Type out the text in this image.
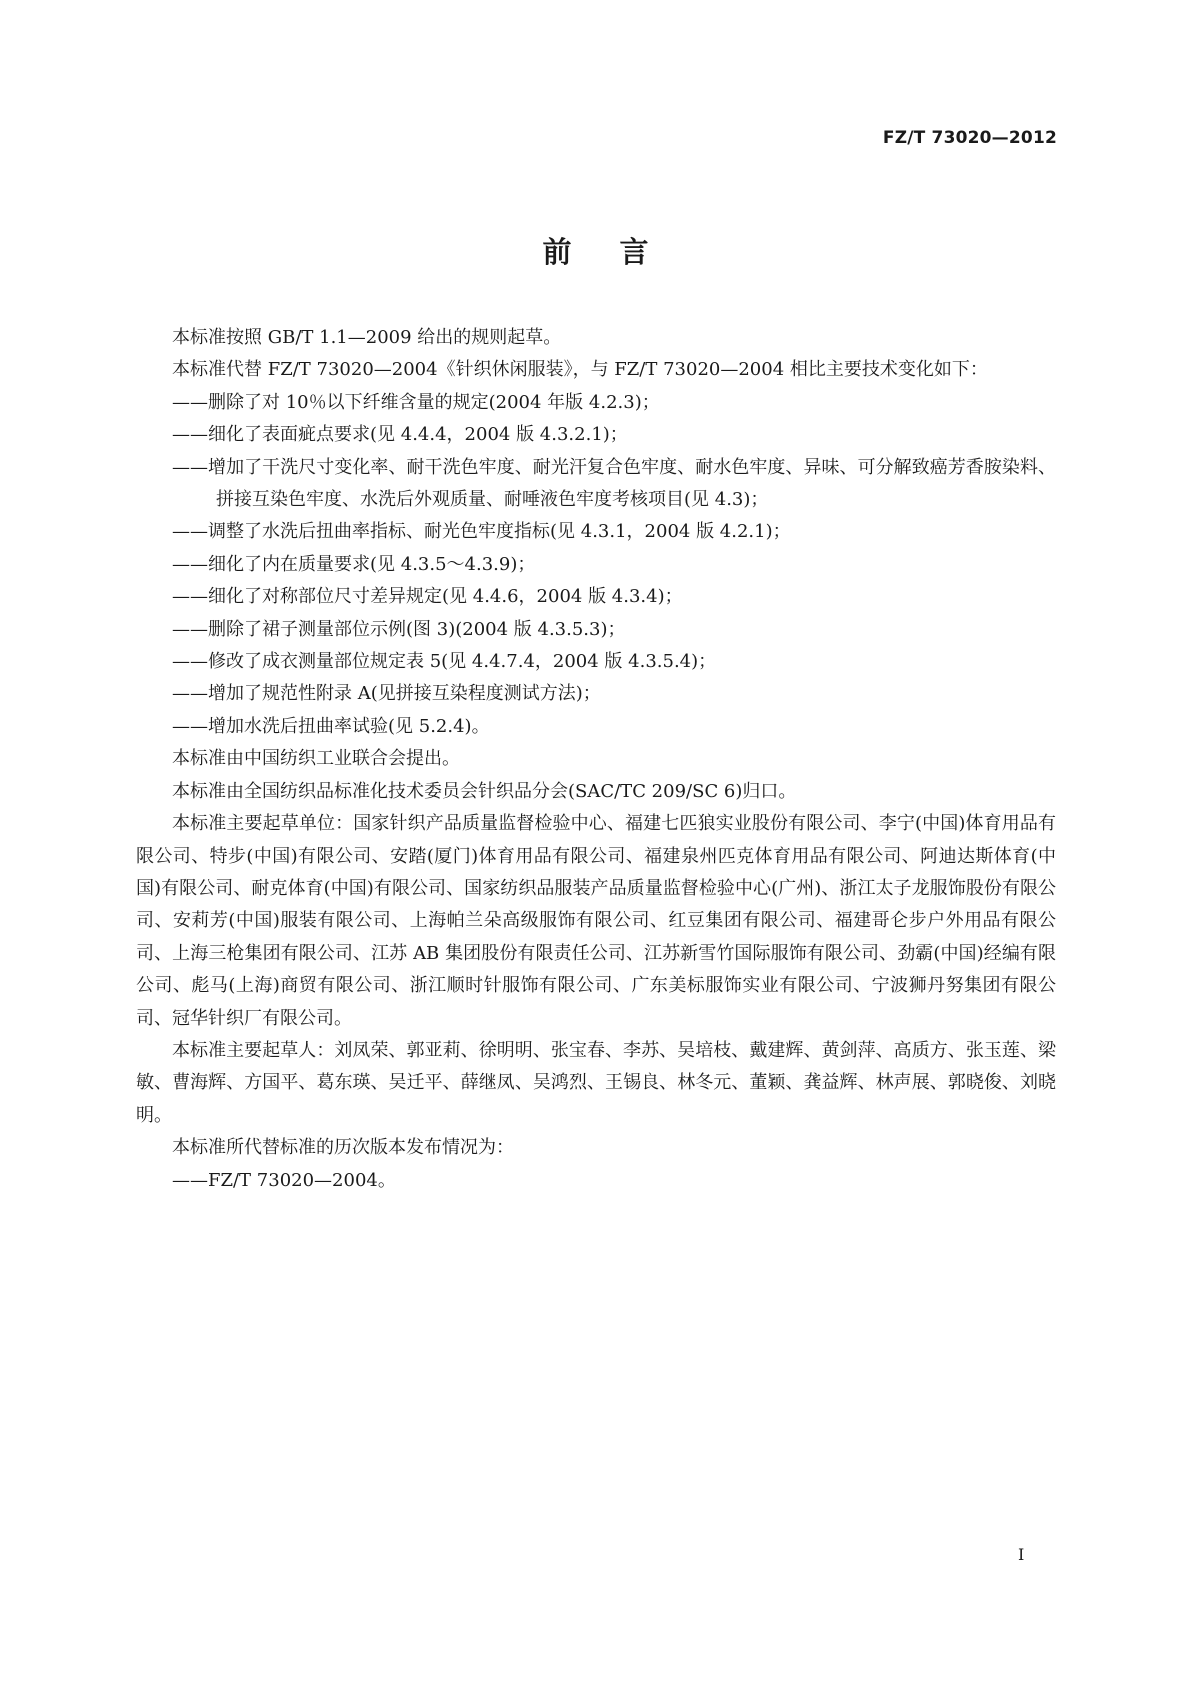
FZ/T 73020—2012
前言

本标准按照 GB/T 1.1—2009 给出的规则起草。

本标准代替 FZ/T 73020—2004《针织休闲服装》，与 FZ/T 73020—2004 相比主要技术变化如下：

——删除了对 10％以下纤维含量的规定(2004 年版 4.2.3)；

——细化了表面疵点要求(见 4.4.4，2004 版 4.3.2.1)；

——增加了干洗尺寸变化率、耐干洗色牢度、耐光汗复合色牢度、耐水色牢度、异味、可分解致癌芳香胺染料、拼接互染色牢度、水洗后外观质量、耐唾液色牢度考核项目(见 4.3)；

——调整了水洗后扭曲率指标、耐光色牢度指标(见 4.3.1，2004 版 4.2.1)；

——细化了内在质量要求(见 4.3.5～4.3.9)；

——细化了对称部位尺寸差异规定(见 4.4.6，2004 版 4.3.4)；

——删除了裙子测量部位示例(图 3)(2004 版 4.3.5.3)；

——修改了成衣测量部位规定表 5(见 4.4.7.4，2004 版 4.3.5.4)；

——增加了规范性附录 A(见拼接互染程度测试方法)；

——增加水洗后扭曲率试验(见 5.2.4)。

本标准由中国纺织工业联合会提出。

本标准由全国纺织品标准化技术委员会针织品分会(SAC/TC 209/SC 6)归口。

本标准主要起草单位：国家针织产品质量监督检验中心、福建七匹狼实业股份有限公司、李宁(中国)体育用品有限公司、特步(中国)有限公司、安踏(厦门)体育用品有限公司、福建泉州匹克体育用品有限公司、阿迪达斯体育(中国)有限公司、耐克体育(中国)有限公司、国家纺织品服装产品质量监督检验中心(广州)、浙江太子龙服饰股份有限公司、安莉芳(中国)服装有限公司、上海帕兰朵高级服饰有限公司、红豆集团有限公司、福建哥仑步户外用品有限公司、上海三枪集团有限公司、江苏 AB 集团股份有限责任公司、江苏新雪竹国际服饰有限公司、劲霸(中国)经编有限公司、彪马(上海)商贸有限公司、浙江顺时针服饰有限公司、广东美标服饰实业有限公司、宁波狮丹努集团有限公司、冠华针织厂有限公司。

本标准主要起草人：刘凤荣、郭亚莉、徐明明、张宝春、李苏、吴培枝、戴建辉、黄剑萍、高质方、张玉莲、梁敏、曹海辉、方国平、葛东瑛、吴迁平、薛继凤、吴鸿烈、王锡良、林冬元、董颖、龚益辉、林声展、郭晓俊、刘晓明。

本标准所代替标准的历次版本发布情况为：

——FZ/T 73020—2004。

I
